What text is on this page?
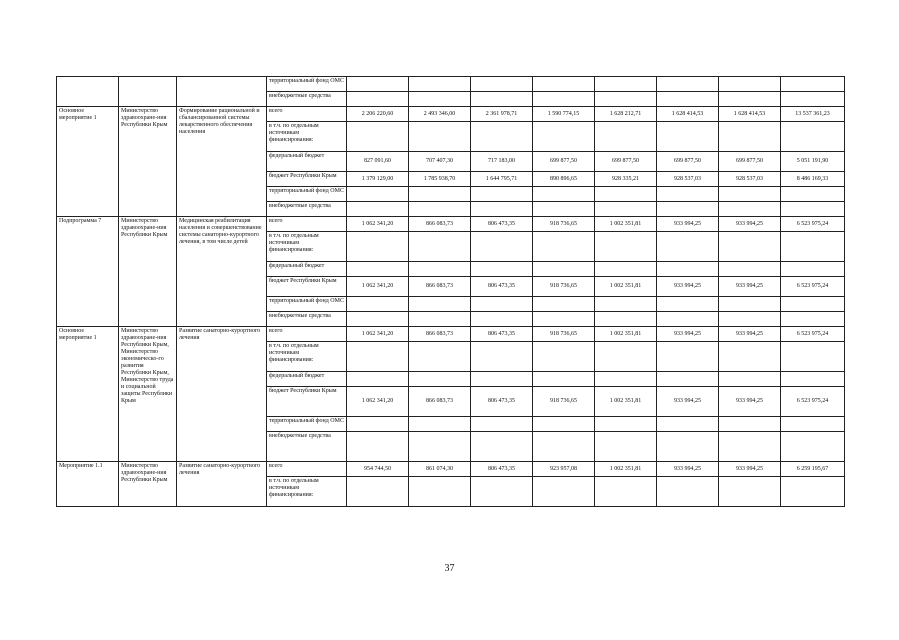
			территориальный фонд ОМС								
			внебюджетные средства								
Основное мероприятие 1	Министерство здравоохране-ния Республики Крым	Формирование рациональной и сбалансированной системы лекарственного обеспечения населения	всего	2 206 220,60	2 493 346,00	2 361 978,71	1 590 774,15	1 628 212,71	1 628 414,53	1 628 414,53	13 537 361,23
			в т.ч. по отдельным источникам финансирования:								
			федеральный бюджет	827 091,60	707 407,30	717 183,00	699 877,50	699 877,50	699 877,50	699 877,50	5 051 191,90
			бюджет Республики Крым	1 379 129,00	1 785 938,70	1 644 795,71	890 896,65	928 335,21	928 537,03	928 537,03	8 486 169,33
			территориальный фонд ОМС								
			внебюджетные средства								
Подпрограмма 7	Министерство здравоохране-ния Республики Крым	Медицинская реабилитация населения и совершенствование системы санаторно-курортного лечения, в том числе детей	всего	1 062 341,20	866 083,73	806 473,35	918 736,65	1 002 351,81	933 994,25	933 994,25	6 523 975,24
			в т.ч. по отдельным источникам финансирования:								
			федеральный бюджет								
			бюджет Республики Крым	1 062 341,20	866 083,73	806 473,35	918 736,65	1 002 351,81	933 994,25	933 994,25	6 523 975,24
			территориальный фонд ОМС								
			внебюджетные средства								
Основное мероприятие 1	Министерство здравоохране-ния Республики Крым, Министерство экономическо-го развития Республики Крым, Министерство труда и социальной защиты Республики Крым	Развитие санаторно-курортного лечения	всего	1 062 341,20	866 083,73	806 473,35	918 736,65	1 002 351,81	933 994,25	933 994,25	6 523 975,24
			в т.ч. по отдельным источникам финансирования:								
			федеральный бюджет								
			бюджет Республики Крым	1 062 341,20	866 083,73	806 473,35	918 736,65	1 002 351,81	933 994,25	933 994,25	6 523 975,24
			территориальный фонд ОМС								
			внебюджетные средства								
Мероприятие 1.1	Министерство здравоохране-ния Республики Крым	Развитие санаторно-курортного лечения	всего	954 744,50	861 074,30	806 473,35	923 957,08	1 002 351,81	933 994,25	933 994,25	6 259 195,67
			в т.ч. по отдельным источникам финансирования:								
37
